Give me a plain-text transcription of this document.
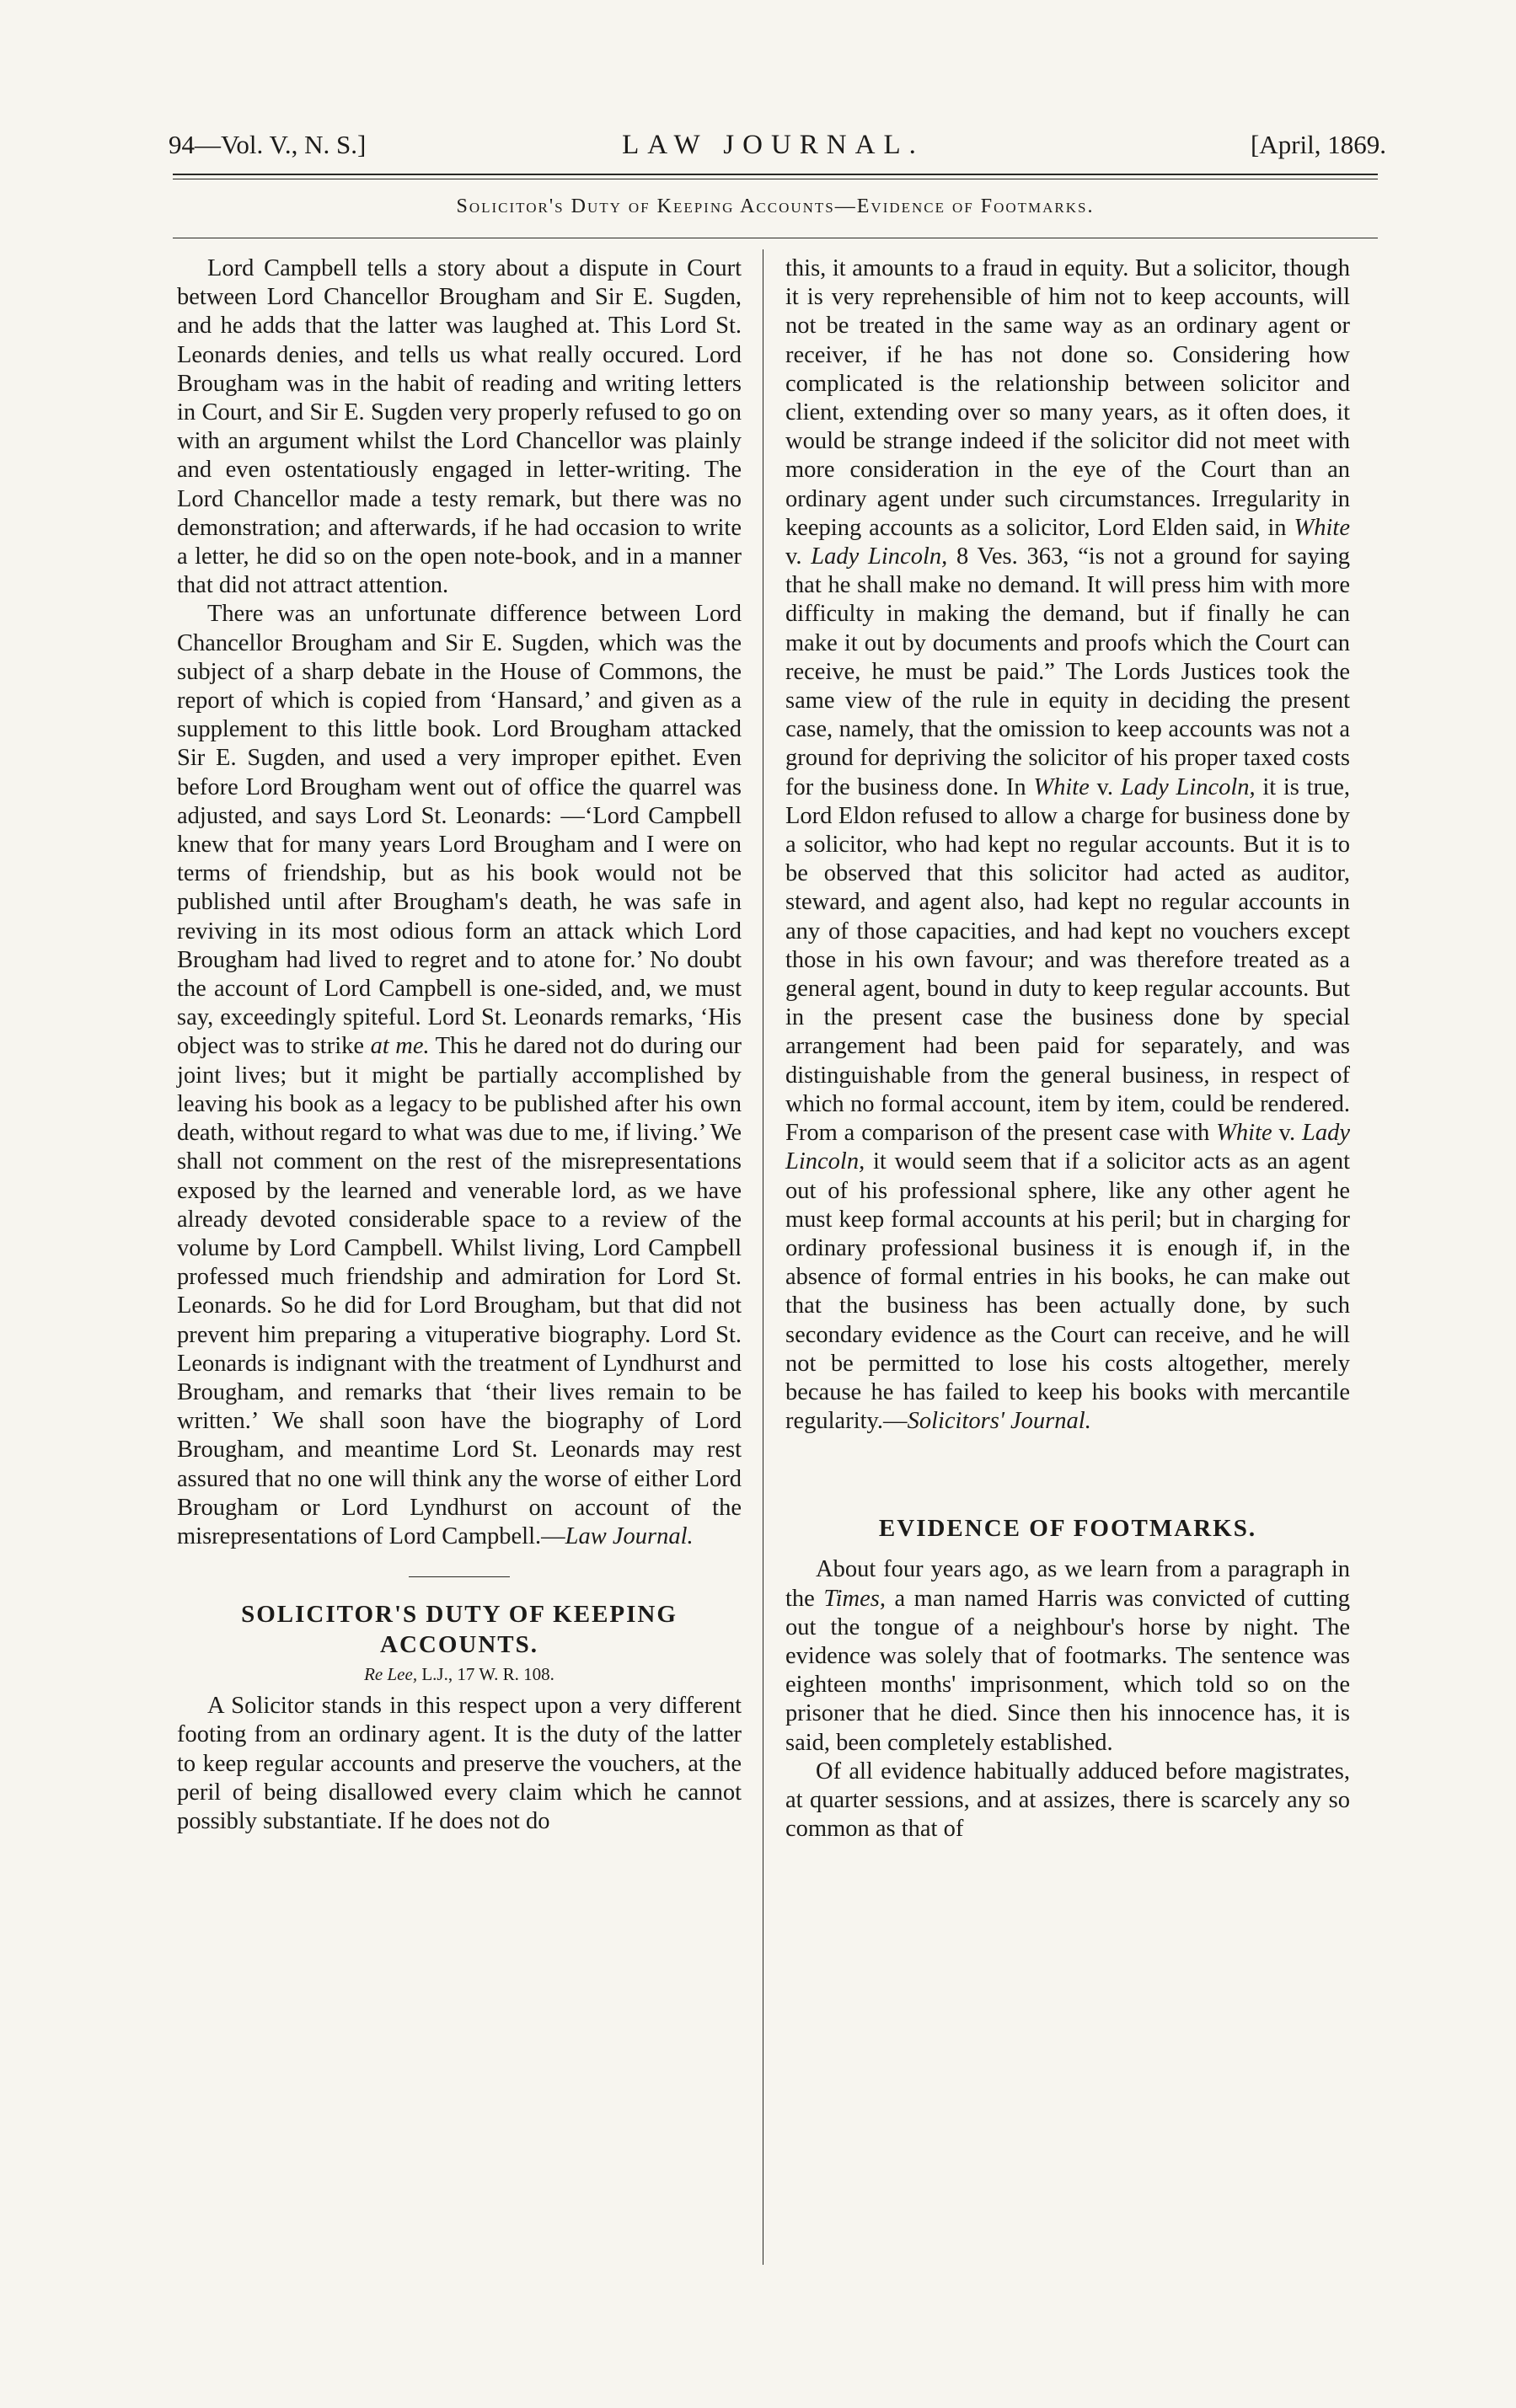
94—Vol. V., N. S.]	LAW JOURNAL.	[April, 1869.
Solicitor's Duty of Keeping Accounts—Evidence of Footmarks.

Lord Campbell tells a story about a dispute in Court between Lord Chancellor Brougham and Sir E. Sugden, and he adds that the latter was laughed at. This Lord St. Leonards denies, and tells us what really occured. Lord Brougham was in the habit of reading and writing letters in Court, and Sir E. Sugden very properly refused to go on with an argument whilst the Lord Chancellor was plainly and even ostentatiously engaged in letter-writing. The Lord Chancellor made a testy remark, but there was no demonstration; and afterwards, if he had occasion to write a letter, he did so on the open note-book, and in a manner that did not attract attention.

There was an unfortunate difference between Lord Chancellor Brougham and Sir E. Sugden, which was the subject of a sharp debate in the House of Commons, the report of which is copied from ‘Hansard,’ and given as a supplement to this little book. Lord Brougham attacked Sir E. Sugden, and used a very improper epithet. Even before Lord Brougham went out of office the quarrel was adjusted, and says Lord St. Leonards: —‘Lord Campbell knew that for many years Lord Brougham and I were on terms of friendship, but as his book would not be published until after Brougham's death, he was safe in reviving in its most odious form an attack which Lord Brougham had lived to regret and to atone for.’ No doubt the account of Lord Campbell is one-sided, and, we must say, exceedingly spiteful. Lord St. Leonards remarks, ‘His object was to strike at me. This he dared not do during our joint lives; but it might be partially accomplished by leaving his book as a legacy to be published after his own death, without regard to what was due to me, if living.’ We shall not comment on the rest of the misrepresentations exposed by the learned and venerable lord, as we have already devoted considerable space to a review of the volume by Lord Campbell. Whilst living, Lord Campbell professed much friendship and admiration for Lord St. Leonards. So he did for Lord Brougham, but that did not prevent him preparing a vituperative biography. Lord St. Leonards is indignant with the treatment of Lyndhurst and Brougham, and remarks that ‘their lives remain to be written.’ We shall soon have the biography of Lord Brougham, and meantime Lord St. Leonards may rest assured that no one will think any the worse of either Lord Brougham or Lord Lyndhurst on account of the misrepresentations of Lord Campbell.—Law Journal.

SOLICITOR'S DUTY OF KEEPING ACCOUNTS.
Re Lee, L.J., 17 W. R. 108.

A Solicitor stands in this respect upon a very different footing from an ordinary agent. It is the duty of the latter to keep regular accounts and preserve the vouchers, at the peril of being disallowed every claim which he cannot possibly substantiate. If he does not do

this, it amounts to a fraud in equity. But a solicitor, though it is very reprehensible of him not to keep accounts, will not be treated in the same way as an ordinary agent or receiver, if he has not done so. Considering how complicated is the relationship between solicitor and client, extending over so many years, as it often does, it would be strange indeed if the solicitor did not meet with more consideration in the eye of the Court than an ordinary agent under such circumstances. Irregularity in keeping accounts as a solicitor, Lord Elden said, in White v. Lady Lincoln, 8 Ves. 363, “is not a ground for saying that he shall make no demand. It will press him with more difficulty in making the demand, but if finally he can make it out by documents and proofs which the Court can receive, he must be paid.” The Lords Justices took the same view of the rule in equity in deciding the present case, namely, that the omission to keep accounts was not a ground for depriving the solicitor of his proper taxed costs for the business done. In White v. Lady Lincoln, it is true, Lord Eldon refused to allow a charge for business done by a solicitor, who had kept no regular accounts. But it is to be observed that this solicitor had acted as auditor, steward, and agent also, had kept no regular accounts in any of those capacities, and had kept no vouchers except those in his own favour; and was therefore treated as a general agent, bound in duty to keep regular accounts. But in the present case the business done by special arrangement had been paid for separately, and was distinguishable from the general business, in respect of which no formal account, item by item, could be rendered. From a comparison of the present case with White v. Lady Lincoln, it would seem that if a solicitor acts as an agent out of his professional sphere, like any other agent he must keep formal accounts at his peril; but in charging for ordinary professional business it is enough if, in the absence of formal entries in his books, he can make out that the business has been actually done, by such secondary evidence as the Court can receive, and he will not be permitted to lose his costs altogether, merely because he has failed to keep his books with mercantile regularity.—Solicitors' Journal.

EVIDENCE OF FOOTMARKS.

About four years ago, as we learn from a paragraph in the Times, a man named Harris was convicted of cutting out the tongue of a neighbour's horse by night. The evidence was solely that of footmarks. The sentence was eighteen months' imprisonment, which told so on the prisoner that he died. Since then his innocence has, it is said, been completely established.

Of all evidence habitually adduced before magistrates, at quarter sessions, and at assizes, there is scarcely any so common as that of
